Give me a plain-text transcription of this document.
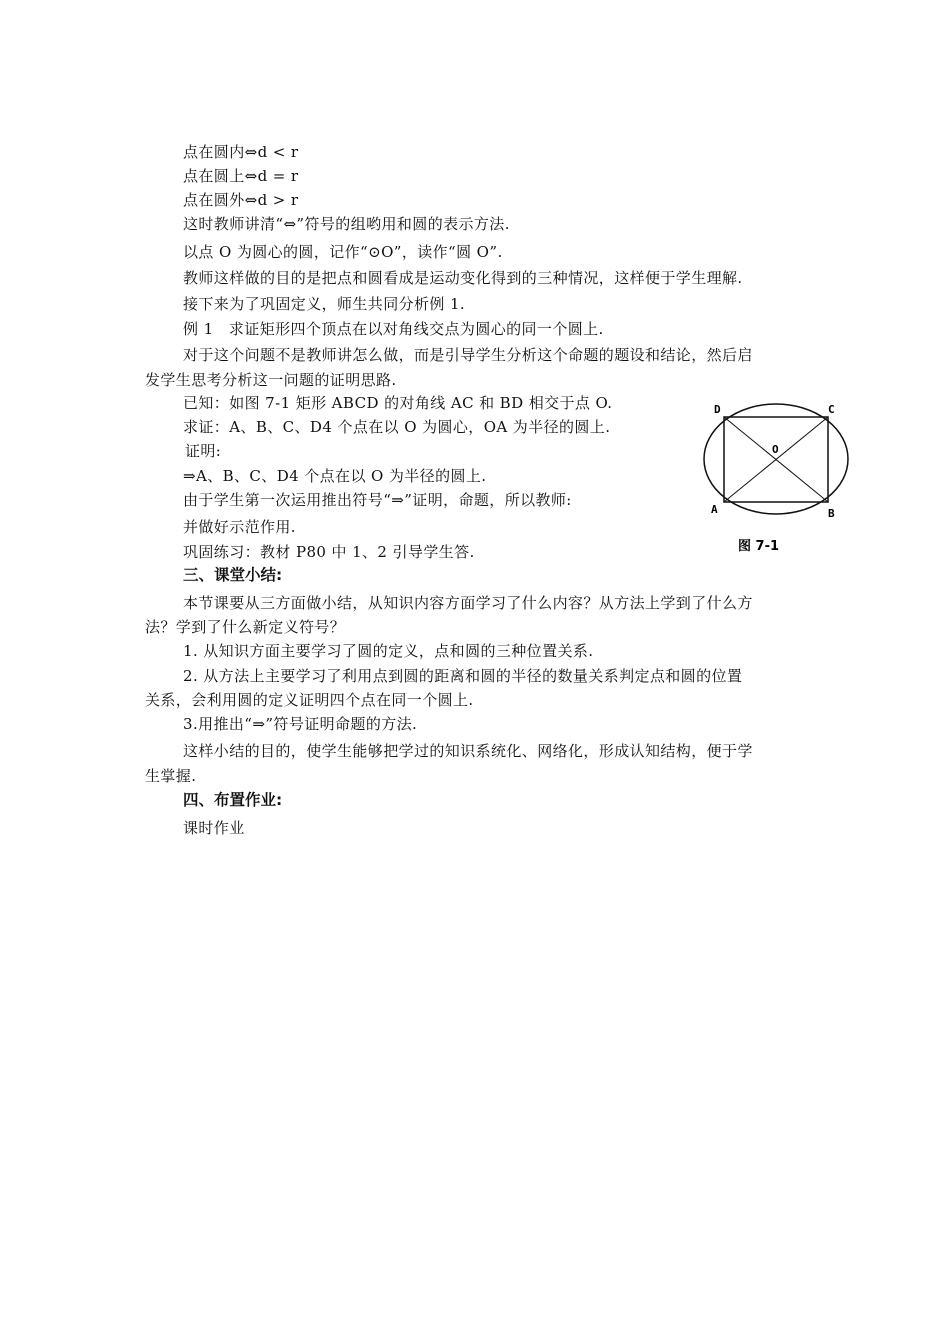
点在圆内⇔d < r
点在圆上⇔d = r
点在圆外⇔d > r
这时教师讲清“⇔”符号的组哟用和圆的表示方法.
以点 O 为圆心的圆，记作“⊙O”，读作“圆 O”.
教师这样做的目的是把点和圆看成是运动变化得到的三种情况，这样便于学生理解.
接下来为了巩固定义，师生共同分析例 1.
例 1　求证矩形四个顶点在以对角线交点为圆心的同一个圆上.
对于这个问题不是教师讲怎么做，而是引导学生分析这个命题的题设和结论，然后启
发学生思考分析这一问题的证明思路.
已知：如图 7-1 矩形 ABCD 的对角线 AC 和 BD 相交于点 O.
求证：A、B、C、D4 个点在以 O 为圆心，OA 为半径的圆上.
证明:
⇒A、B、C、D4 个点在以 O 为半径的圆上.
由于学生第一次运用推出符号“⇒”证明，命题，所以教师:
并做好示范作用.
巩固练习：教材 P80 中 1、2 引导学生答.
D	C
O
A	B
图 7-1
三、课堂小结:
本节课要从三方面做小结，从知识内容方面学习了什么内容？从方法上学到了什么方
法？学到了什么新定义符号？
1. 从知识方面主要学习了圆的定义，点和圆的三种位置关系.
2. 从方法上主要学习了利用点到圆的距离和圆的半径的数量关系判定点和圆的位置
关系，会利用圆的定义证明四个点在同一个圆上.
3.用推出“⇒”符号证明命题的方法.
这样小结的目的，使学生能够把学过的知识系统化、网络化，形成认知结构，便于学
生掌握.
四、布置作业:
课时作业
